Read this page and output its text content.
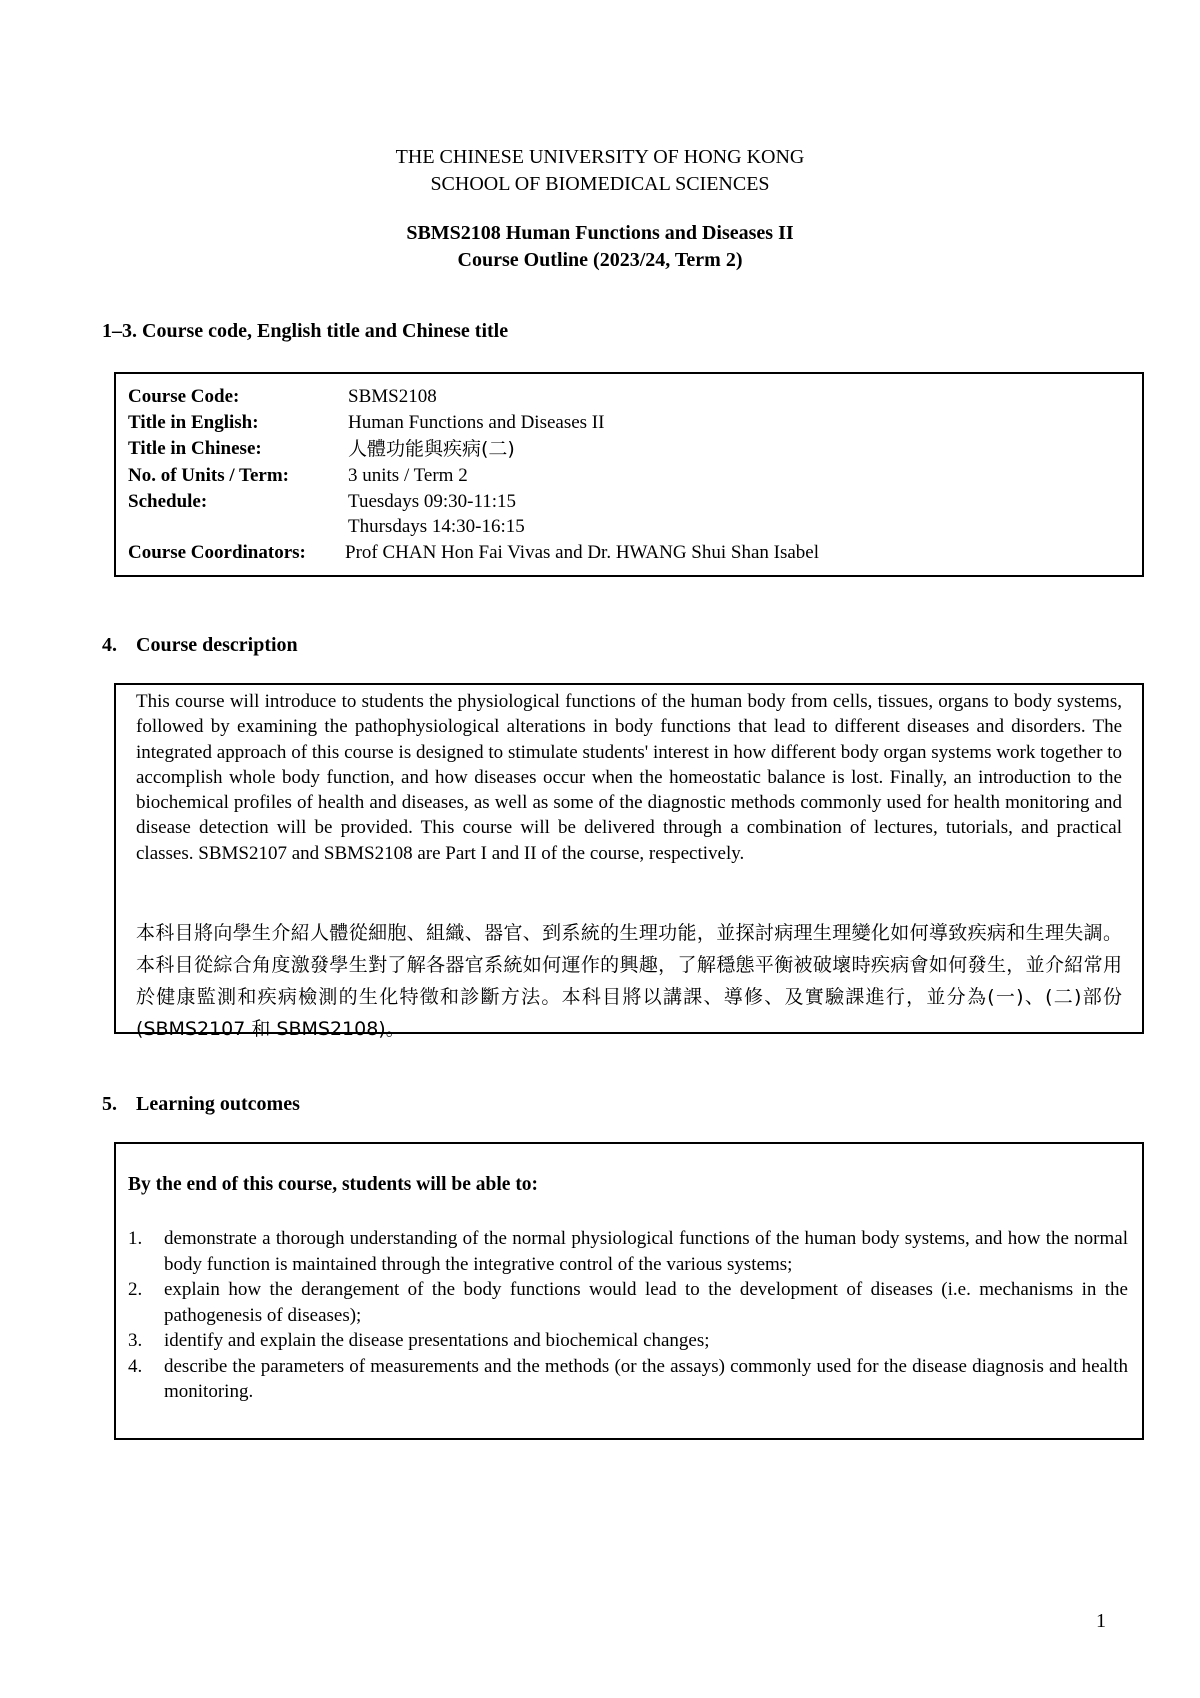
THE CHINESE UNIVERSITY OF HONG KONG
SCHOOL OF BIOMEDICAL SCIENCES
SBMS2108 Human Functions and Diseases II
Course Outline (2023/24, Term 2)
1–3. Course code, English title and Chinese title
Course Code:	SBMS2108
Title in English:	Human Functions and Diseases II
Title in Chinese:	人體功能與疾病(二)
No. of Units / Term:	3 units / Term 2
Schedule:	Tuesdays 09:30-11:15
Thursdays 14:30-16:15
Course Coordinators:	Prof CHAN Hon Fai Vivas and Dr. HWANG Shui Shan Isabel
4. Course description
This course will introduce to students the physiological functions of the human body from cells, tissues, organs to body systems, followed by examining the pathophysiological alterations in body functions that lead to different diseases and disorders. The integrated approach of this course is designed to stimulate students' interest in how different body organ systems work together to accomplish whole body function, and how diseases occur when the homeostatic balance is lost. Finally, an introduction to the biochemical profiles of health and diseases, as well as some of the diagnostic methods commonly used for health monitoring and disease detection will be provided. This course will be delivered through a combination of lectures, tutorials, and practical classes. SBMS2107 and SBMS2108 are Part I and II of the course, respectively.
本科目將向學生介紹人體從細胞、組織、器官、到系統的生理功能，並探討病理生理變化如何導致疾病和生理失調。本科目從綜合角度激發學生對了解各器官系統如何運作的興趣，了解穩態平衡被破壞時疾病會如何發生，並介紹常用於健康監測和疾病檢測的生化特徵和診斷方法。本科目將以講課、導修、及實驗課進行，並分為(一)、(二)部份(SBMS2107 和 SBMS2108)。
5. Learning outcomes
By the end of this course, students will be able to:
1.	demonstrate a thorough understanding of the normal physiological functions of the human body systems, and how the normal body function is maintained through the integrative control of the various systems;
2.	explain how the derangement of the body functions would lead to the development of diseases (i.e. mechanisms in the pathogenesis of diseases);
3.	identify and explain the disease presentations and biochemical changes;
4.	describe the parameters of measurements and the methods (or the assays) commonly used for the disease diagnosis and health monitoring.
1
